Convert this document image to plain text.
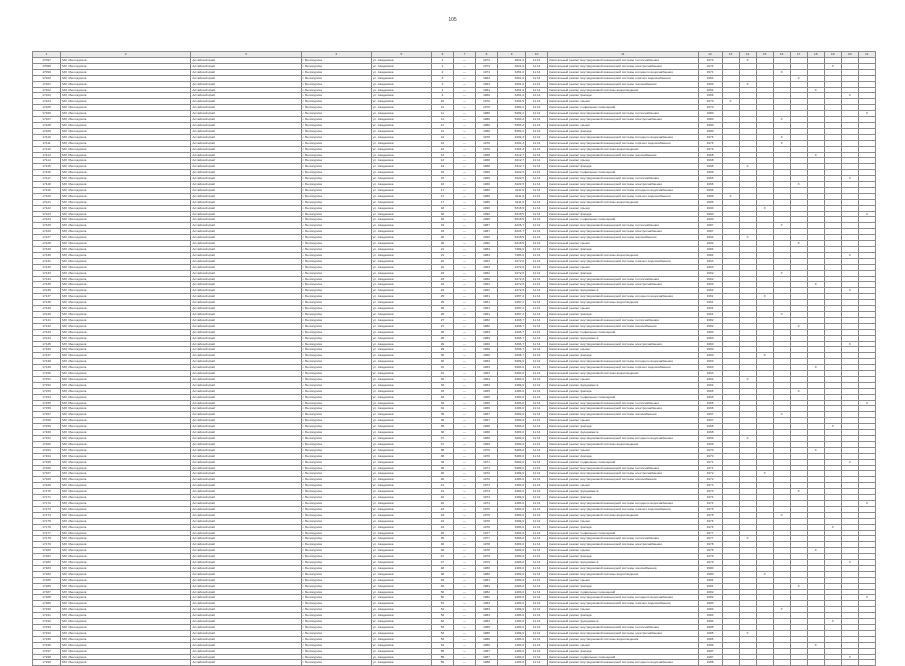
105
1	2	3	4	5	6	7	8	9	10	11	12	13	14	15	16	17	18	19	20	21
17097	МО г.Белокуриха	Алтайский край	г. Белокуриха	ул. Академика	1	—	1972	3621,0	11:14	Капитальный ремонт внутридомовой инженерной системы теплоснабжения	1972		Х							
17098	МО г.Белокуриха	Алтайский край	г. Белокуриха	ул. Академика	1	—	1974	3621,0	11:14	Капитальный ремонт внутридомовой инженерной системы электроснабжения	1974							Х		
17099	МО г.Белокуриха	Алтайский край	г. Белокуриха	ул. Академика	2	—	1974	3451,0	11:14	Капитальный ремонт внутридомовой инженерной системы холодного водоснабжения	1974				Х					
17100	МО г.Белокуриха	Алтайский край	г. Белокуриха	ул. Академика	3	—	1964	3461,0	11:14	Капитальный ремонт внутридомовой инженерной системы горячего водоснабжения	1964					Х				
17101	МО г.Белокуриха	Алтайский край	г. Белокуриха	ул. Академика	3	—	1964	3461,0	11:14	Капитальный ремонт внутридомовой инженерной системы газоснабжения	1964		Х							
17102	МО г.Белокуриха	Алтайский край	г. Белокуриха	ул. Академика	4	—	1964	3461,0	11:14	Капитальный ремонт внутридомовой системы водоотведения	1964						Х			
17103	МО г.Белокуриха	Алтайский край	г. Белокуриха	ул. Академика	4	—	1966	3461,0	11:14	Капитальный ремонт фасада	1966								Х	
17104	МО г.Белокуриха	Алтайский край	г. Белокуриха	ул. Академика	10	—	1970	3464,5	11:14	Капитальный ремонт крыши	1970	Х								
17105	МО г.Белокуриха	Алтайский край	г. Белокуриха	ул. Академика	11	—	1970	3484,2	11:14	Капитальный ремонт подвальных помещений	1970									
17106	МО г.Белокуриха	Алтайский край	г. Белокуриха	ул. Академика	11	—	1980	5484,2	11:14	Капитальный ремонт внутридомовой инженерной системы теплоснабжения	1980									Х
17107	МО г.Белокуриха	Алтайский край	г. Белокуриха	ул. Академика	11	—	1980	5484,2	11:14	Капитальный ремонт внутридомовой инженерной системы электроснабжения	1980				Х					
17108	МО г.Белокуриха	Алтайский край	г. Белокуриха	ул. Академика	11	—	1980	5484,2	11:14	Капитальный ремонт крыши	1980									
17109	МО г.Белокуриха	Алтайский край	г. Белокуриха	ул. Академика	11	—	1980	5484,2	11:14	Капитальный ремонт фасада	1980									
17110	МО г.Белокуриха	Алтайский край	г. Белокуриха	ул. Академика	12	—	1976	4404,3	11:14	Капитальный ремонт внутридомовой инженерной системы холодного водоснабжения	1976				Х					
17111	МО г.Белокуриха	Алтайский край	г. Белокуриха	ул. Академика	12	—	1976	4404,3	11:14	Капитальный ремонт внутридомовой инженерной системы горячего водоснабжения	1976				Х					
17112	МО г.Белокуриха	Алтайский край	г. Белокуриха	ул. Академика	12	—	1976	4404,3	11:14	Капитальный ремонт внутридомовой системы водоотведения	1976									
17113	МО г.Белокуриха	Алтайский край	г. Белокуриха	ул. Академика	13	—	1968	3412,7	11:14	Капитальный ремонт внутридомовой инженерной системы газоснабжения	1968						Х			
17114	МО г.Белокуриха	Алтайский край	г. Белокуриха	ул. Академика	13	—	1968	3412,7	11:14	Капитальный ремонт крыши	1968									
17115	МО г.Белокуриха	Алтайский край	г. Белокуриха	ул. Академика	14	—	1968	3412,7	11:14	Капитальный ремонт фасада	1968		Х							
17116	МО г.Белокуриха	Алтайский край	г. Белокуриха	ул. Академика	15	—	1966	3422,5	11:14	Капитальный ремонт подвальных помещений	1966									
17117	МО г.Белокуриха	Алтайский край	г. Белокуриха	ул. Академика	15	—	1966	3422,5	11:14	Капитальный ремонт внутридомовой инженерной системы теплоснабжения	1966								Х	
17118	МО г.Белокуриха	Алтайский край	г. Белокуриха	ул. Академика	16	—	1966	3422,5	11:14	Капитальный ремонт внутридомовой инженерной системы электроснабжения	1966					Х				
17119	МО г.Белокуриха	Алтайский край	г. Белокуриха	ул. Академика	17	—	1986	4211,6	11:14	Капитальный ремонт внутридомовой инженерной системы холодного водоснабжения	1986									
17120	МО г.Белокуриха	Алтайский край	г. Белокуриха	ул. Академика	17	—	1986	4211,6	11:14	Капитальный ремонт внутридомовой инженерной системы горячего водоснабжения	1986	Х								
17121	МО г.Белокуриха	Алтайский край	г. Белокуриха	ул. Академика	17	—	1986	4211,6	11:14	Капитальный ремонт внутридомовой системы водоотведения	1986									
17122	МО г.Белокуриха	Алтайский край	г. Белокуриха	ул. Академика	18	—	1990	5318,5	11:14	Капитальный ремонт крыши	1990			Х						
17123	МО г.Белокуриха	Алтайский край	г. Белокуриха	ул. Академика	18	—	1990	5318,5	11:14	Капитальный ремонт фасада	1990									Х
17124	МО г.Белокуриха	Алтайский край	г. Белокуриха	ул. Академика	18	—	1990	5318,5	11:14	Капитальный ремонт подвальных помещений	1990									
17125	МО г.Белокуриха	Алтайский край	г. Белокуриха	ул. Академика	19	—	1987	4226,7	11:14	Капитальный ремонт внутридомовой инженерной системы теплоснабжения	1987				Х					
17126	МО г.Белокуриха	Алтайский край	г. Белокуриха	ул. Академика	19	—	1987	4226,7	11:14	Капитальный ремонт внутридомовой инженерной системы электроснабжения	1987									
17127	МО г.Белокуриха	Алтайский край	г. Белокуриха	ул. Академика	20	—	1992	6318,5	11:14	Капитальный ремонт внутридомовой инженерной системы газоснабжения	1992		Х							
17128	МО г.Белокуриха	Алтайский край	г. Белокуриха	ул. Академика	20	—	1992	6318,5	11:14	Капитальный ремонт крыши	1992					Х				
17129	МО г.Белокуриха	Алтайский край	г. Белокуриха	ул. Академика	21	—	1984	7484,0	11:14	Капитальный ремонт фасада	1984									
17130	МО г.Белокуриха	Алтайский край	г. Белокуриха	ул. Академика	21	—	1984	7484,0	11:14	Капитальный ремонт внутридомовой системы водоотведения	1984								Х	
17131	МО г.Белокуриха	Алтайский край	г. Белокуриха	ул. Академика	22	—	1963	2472,6	11:14	Капитальный ремонт внутридомовой инженерной системы горячего водоснабжения	1963									
17132	МО г.Белокуриха	Алтайский край	г. Белокуриха	ул. Академика	22	—	1963	2472,6	11:14	Капитальный ремонт крыши	1963									
17133	МО г.Белокуриха	Алтайский край	г. Белокуриха	ул. Академика	23	—	1962	2472,6	11:14	Капитальный ремонт фасада	1962				Х					
17134	МО г.Белокуриха	Алтайский край	г. Белокуриха	ул. Академика	23	—	1962	2472,6	11:14	Капитальный ремонт внутридомовой инженерной системы теплоснабжения	1962									
17135	МО г.Белокуриха	Алтайский край	г. Белокуриха	ул. Академика	24	—	1962	2472,6	11:14	Капитальный ремонт внутридомовой инженерной системы электроснабжения	1962						Х			
17136	МО г.Белокуриха	Алтайский край	г. Белокуриха	ул. Академика	24	—	1962	2472,6	11:14	Капитальный ремонт фундамента	1962								Х	
17137	МО г.Белокуриха	Алтайский край	г. Белокуриха	ул. Академика	25	—	1961	2457,2	11:14	Капитальный ремонт внутридомовой инженерной системы холодного водоснабжения	1961			Х						
17138	МО г.Белокуриха	Алтайский край	г. Белокуриха	ул. Академика	25	—	1961	2457,2	11:14	Капитальный ремонт внутридомовой системы водоотведения	1961									
17139	МО г.Белокуриха	Алтайский край	г. Белокуриха	ул. Академика	26	—	1961	2457,2	11:14	Капитальный ремонт крыши	1961									
17140	МО г.Белокуриха	Алтайский край	г. Белокуриха	ул. Академика	26	—	1961	2457,2	11:14	Капитальный ремонт фасада	1961				Х					
17141	МО г.Белокуриха	Алтайский край	г. Белокуриха	ул. Академика	27	—	1982	4496,7	11:14	Капитальный ремонт внутридомовой инженерной системы теплоснабжения	1982									
17142	МО г.Белокуриха	Алтайский край	г. Белокуриха	ул. Академика	27	—	1982	4496,7	11:14	Капитальный ремонт внутридомовой инженерной системы газоснабжения	1982					Х				
17143	МО г.Белокуриха	Алтайский край	г. Белокуриха	ул. Академика	28	—	1983	4496,7	11:14	Капитальный ремонт подвальных помещений	1983									
17144	МО г.Белокуриха	Алтайский край	г. Белокуриха	ул. Академика	28	—	1983	4496,7	11:14	Капитальный ремонт фундамента	1983									
17145	МО г.Белокуриха	Алтайский край	г. Белокуриха	ул. Академика	29	—	1960	3496,7	11:14	Капитальный ремонт внутридомовой инженерной системы электроснабжения	1960								Х	
17146	МО г.Белокуриха	Алтайский край	г. Белокуриха	ул. Академика	29	—	1960	3496,7	11:14	Капитальный ремонт крыши	1960									
17147	МО г.Белокуриха	Алтайский край	г. Белокуриха	ул. Академика	30	—	1960	3496,7	11:14	Капитальный ремонт фасада	1960			Х						
17148	МО г.Белокуриха	Алтайский край	г. Белокуриха	ул. Академика	30	—	1963	6484,0	11:14	Капитальный ремонт внутридомовой инженерной системы холодного водоснабжения	1963									
17149	МО г.Белокуриха	Алтайский край	г. Белокуриха	ул. Академика	31	—	1963	6484,0	11:14	Капитальный ремонт внутридомовой инженерной системы горячего водоснабжения	1963						Х			
17150	МО г.Белокуриха	Алтайский край	г. Белокуриха	ул. Академика	31	—	1963	6484,0	11:14	Капитальный ремонт внутридомовой системы водоотведения	1963									
17151	МО г.Белокуриха	Алтайский край	г. Белокуриха	ул. Академика	32	—	1964	4484,0	11:14	Капитальный ремонт крыши	1964		Х							
17152	МО г.Белокуриха	Алтайский край	г. Белокуриха	ул. Академика	32	—	1964	4484,0	11:14	Капитальный ремонт фундамента	1964									
17153	МО г.Белокуриха	Алтайский край	г. Белокуриха	ул. Академика	33	—	1965	4484,0	11:14	Капитальный ремонт фасада	1965					Х				
17154	МО г.Белокуриха	Алтайский край	г. Белокуриха	ул. Академика	33	—	1965	4484,0	11:14	Капитальный ремонт подвальных помещений	1965									
17155	МО г.Белокуриха	Алтайский край	г. Белокуриха	ул. Академика	34	—	1966	4484,0	11:14	Капитальный ремонт внутридомовой инженерной системы теплоснабжения	1966									Х
17156	МО г.Белокуриха	Алтайский край	г. Белокуриха	ул. Академика	34	—	1966	4484,0	11:14	Капитальный ремонт внутридомовой инженерной системы электроснабжения	1966									
17157	МО г.Белокуриха	Алтайский край	г. Белокуриха	ул. Академика	35	—	1967	3484,0	11:14	Капитальный ремонт внутридомовой инженерной системы газоснабжения	1967				Х					
17158	МО г.Белокуриха	Алтайский край	г. Белокуриха	ул. Академика	35	—	1967	3484,0	11:14	Капитальный ремонт крыши	1967									
17159	МО г.Белокуриха	Алтайский край	г. Белокуриха	ул. Академика	36	—	1968	3484,0	11:14	Капитальный ремонт фасада	1968							Х		
17160	МО г.Белокуриха	Алтайский край	г. Белокуриха	ул. Академика	36	—	1968	3484,0	11:14	Капитальный ремонт фундамента	1968									
17161	МО г.Белокуриха	Алтайский край	г. Белокуриха	ул. Академика	37	—	1969	3484,0	11:14	Капитальный ремонт внутридомовой инженерной системы холодного водоснабжения	1969		Х							
17162	МО г.Белокуриха	Алтайский край	г. Белокуриха	ул. Академика	37	—	1969	3484,0	11:14	Капитальный ремонт внутридомовой системы водоотведения	1969									
17163	МО г.Белокуриха	Алтайский край	г. Белокуриха	ул. Академика	38	—	1970	5484,0	11:14	Капитальный ремонт крыши	1970						Х			
17164	МО г.Белокуриха	Алтайский край	г. Белокуриха	ул. Академика	38	—	1970	5484,0	11:14	Капитальный ремонт фасада	1970									
17165	МО г.Белокуриха	Алтайский край	г. Белокуриха	ул. Академика	39	—	1971	5484,0	11:14	Капитальный ремонт подвальных помещений	1971								Х	
17166	МО г.Белокуриха	Алтайский край	г. Белокуриха	ул. Академика	39	—	1971	5484,0	11:14	Капитальный ремонт внутридомовой инженерной системы теплоснабжения	1971									
17167	МО г.Белокуриха	Алтайский край	г. Белокуриха	ул. Академика	40	—	1972	4484,0	11:14	Капитальный ремонт внутридомовой инженерной системы электроснабжения	1972			Х						
17168	МО г.Белокуриха	Алтайский край	г. Белокуриха	ул. Академика	40	—	1972	4484,0	11:14	Капитальный ремонт внутридомовой инженерной системы газоснабжения	1972									
17169	МО г.Белокуриха	Алтайский край	г. Белокуриха	ул. Академика	41	—	1973	4484,0	11:14	Капитальный ремонт крыши	1973									
17170	МО г.Белокуриха	Алтайский край	г. Белокуриха	ул. Академика	41	—	1973	4484,0	11:14	Капитальный ремонт фундамента	1973					Х				
17171	МО г.Белокуриха	Алтайский край	г. Белокуриха	ул. Академика	42	—	1974	4484,0	11:14	Капитальный ремонт фасада	1974									
17172	МО г.Белокуриха	Алтайский край	г. Белокуриха	ул. Академика	42	—	1974	4484,0	11:14	Капитальный ремонт внутридомовой инженерной системы холодного водоснабжения	1974									Х
17173	МО г.Белокуриха	Алтайский край	г. Белокуриха	ул. Академика	43	—	1975	3484,0	11:14	Капитальный ремонт внутридомовой инженерной системы горячего водоснабжения	1975									
17174	МО г.Белокуриха	Алтайский край	г. Белокуриха	ул. Академика	43	—	1975	3484,0	11:14	Капитальный ремонт внутридомовой системы водоотведения	1975				Х					
17175	МО г.Белокуриха	Алтайский край	г. Белокуриха	ул. Академика	44	—	1976	3484,0	11:14	Капитальный ремонт крыши	1976									
17176	МО г.Белокуриха	Алтайский край	г. Белокуриха	ул. Академика	44	—	1976	3484,0	11:14	Капитальный ремонт фасада	1976							Х		
17177	МО г.Белокуриха	Алтайский край	г. Белокуриха	ул. Академика	45	—	1977	3484,0	11:14	Капитальный ремонт подвальных помещений	1977									
17178	МО г.Белокуриха	Алтайский край	г. Белокуриха	ул. Академика	45	—	1977	3484,0	11:14	Капитальный ремонт внутридомовой инженерной системы теплоснабжения	1977		Х							
17179	МО г.Белокуриха	Алтайский край	г. Белокуриха	ул. Академика	46	—	1978	3484,0	11:14	Капитальный ремонт внутридомовой инженерной системы электроснабжения	1978									
17180	МО г.Белокуриха	Алтайский край	г. Белокуриха	ул. Академика	46	—	1978	3484,0	11:14	Капитальный ремонт крыши	1978						Х			
17181	МО г.Белокуриха	Алтайский край	г. Белокуриха	ул. Академика	47	—	1979	2484,0	11:14	Капитальный ремонт фасада	1979									
17182	МО г.Белокуриха	Алтайский край	г. Белокуриха	ул. Академика	47	—	1979	2484,0	11:14	Капитальный ремонт фундамента	1979								Х	
17183	МО г.Белокуриха	Алтайский край	г. Белокуриха	ул. Академика	48	—	1980	2484,0	11:14	Капитальный ремонт внутридомовой инженерной системы газоснабжения	1980									
17184	МО г.Белокуриха	Алтайский край	г. Белокуриха	ул. Академика	48	—	1980	2484,0	11:14	Капитальный ремонт внутридомовой системы водоотведения	1980			Х						
17185	МО г.Белокуриха	Алтайский край	г. Белокуриха	ул. Академика	49	—	1981	2484,0	11:14	Капитальный ремонт крыши	1981									
17186	МО г.Белокуриха	Алтайский край	г. Белокуриха	ул. Академика	49	—	1981	2484,0	11:14	Капитальный ремонт фасада	1981					Х				
17187	МО г.Белокуриха	Алтайский край	г. Белокуриха	ул. Академика	50	—	1982	2484,0	11:14	Капитальный ремонт подвальных помещений	1982									
17188	МО г.Белокуриха	Алтайский край	г. Белокуриха	ул. Академика	50	—	1982	2484,0	11:14	Капитальный ремонт внутридомовой инженерной системы холодного водоснабжения	1982									Х
17189	МО г.Белокуриха	Алтайский край	г. Белокуриха	ул. Академика	51	—	1983	1484,0	11:14	Капитальный ремонт внутридомовой инженерной системы горячего водоснабжения	1983									
17190	МО г.Белокуриха	Алтайский край	г. Белокуриха	ул. Академика	51	—	1983	1484,0	11:14	Капитальный ремонт крыши	1983				Х					
17191	МО г.Белокуриха	Алтайский край	г. Белокуриха	ул. Академика	52	—	1984	1484,0	11:14	Капитальный ремонт фасада	1984									
17192	МО г.Белокуриха	Алтайский край	г. Белокуриха	ул. Академика	52	—	1984	1484,0	11:14	Капитальный ремонт фундамента	1984							Х		
17193	МО г.Белокуриха	Алтайский край	г. Белокуриха	ул. Академика	53	—	1985	1484,0	11:14	Капитальный ремонт внутридомовой инженерной системы теплоснабжения	1985									
17194	МО г.Белокуриха	Алтайский край	г. Белокуриха	ул. Академика	53	—	1985	1484,0	11:14	Капитальный ремонт внутридомовой инженерной системы электроснабжения	1985		Х							
17195	МО г.Белокуриха	Алтайский край	г. Белокуриха	ул. Академика	54	—	1986	1484,0	11:14	Капитальный ремонт внутридомовой системы водоотведения	1986									
17196	МО г.Белокуриха	Алтайский край	г. Белокуриха	ул. Академика	54	—	1986	1484,0	11:14	Капитальный ремонт крыши	1986						Х			
17197	МО г.Белокуриха	Алтайский край	г. Белокуриха	ул. Академика	55	—	1987	1484,0	11:14	Капитальный ремонт фасада	1987									
17198	МО г.Белокуриха	Алтайский край	г. Белокуриха	ул. Академика	55	—	1987	1484,0	11:14	Капитальный ремонт подвальных помещений	1987								Х	
17199	МО г.Белокуриха	Алтайский край	г. Белокуриха	ул. Академика	56	—	1988	1484,0	11:14	Капитальный ремонт внутридомовой инженерной системы холодного водоснабжения	1988									
